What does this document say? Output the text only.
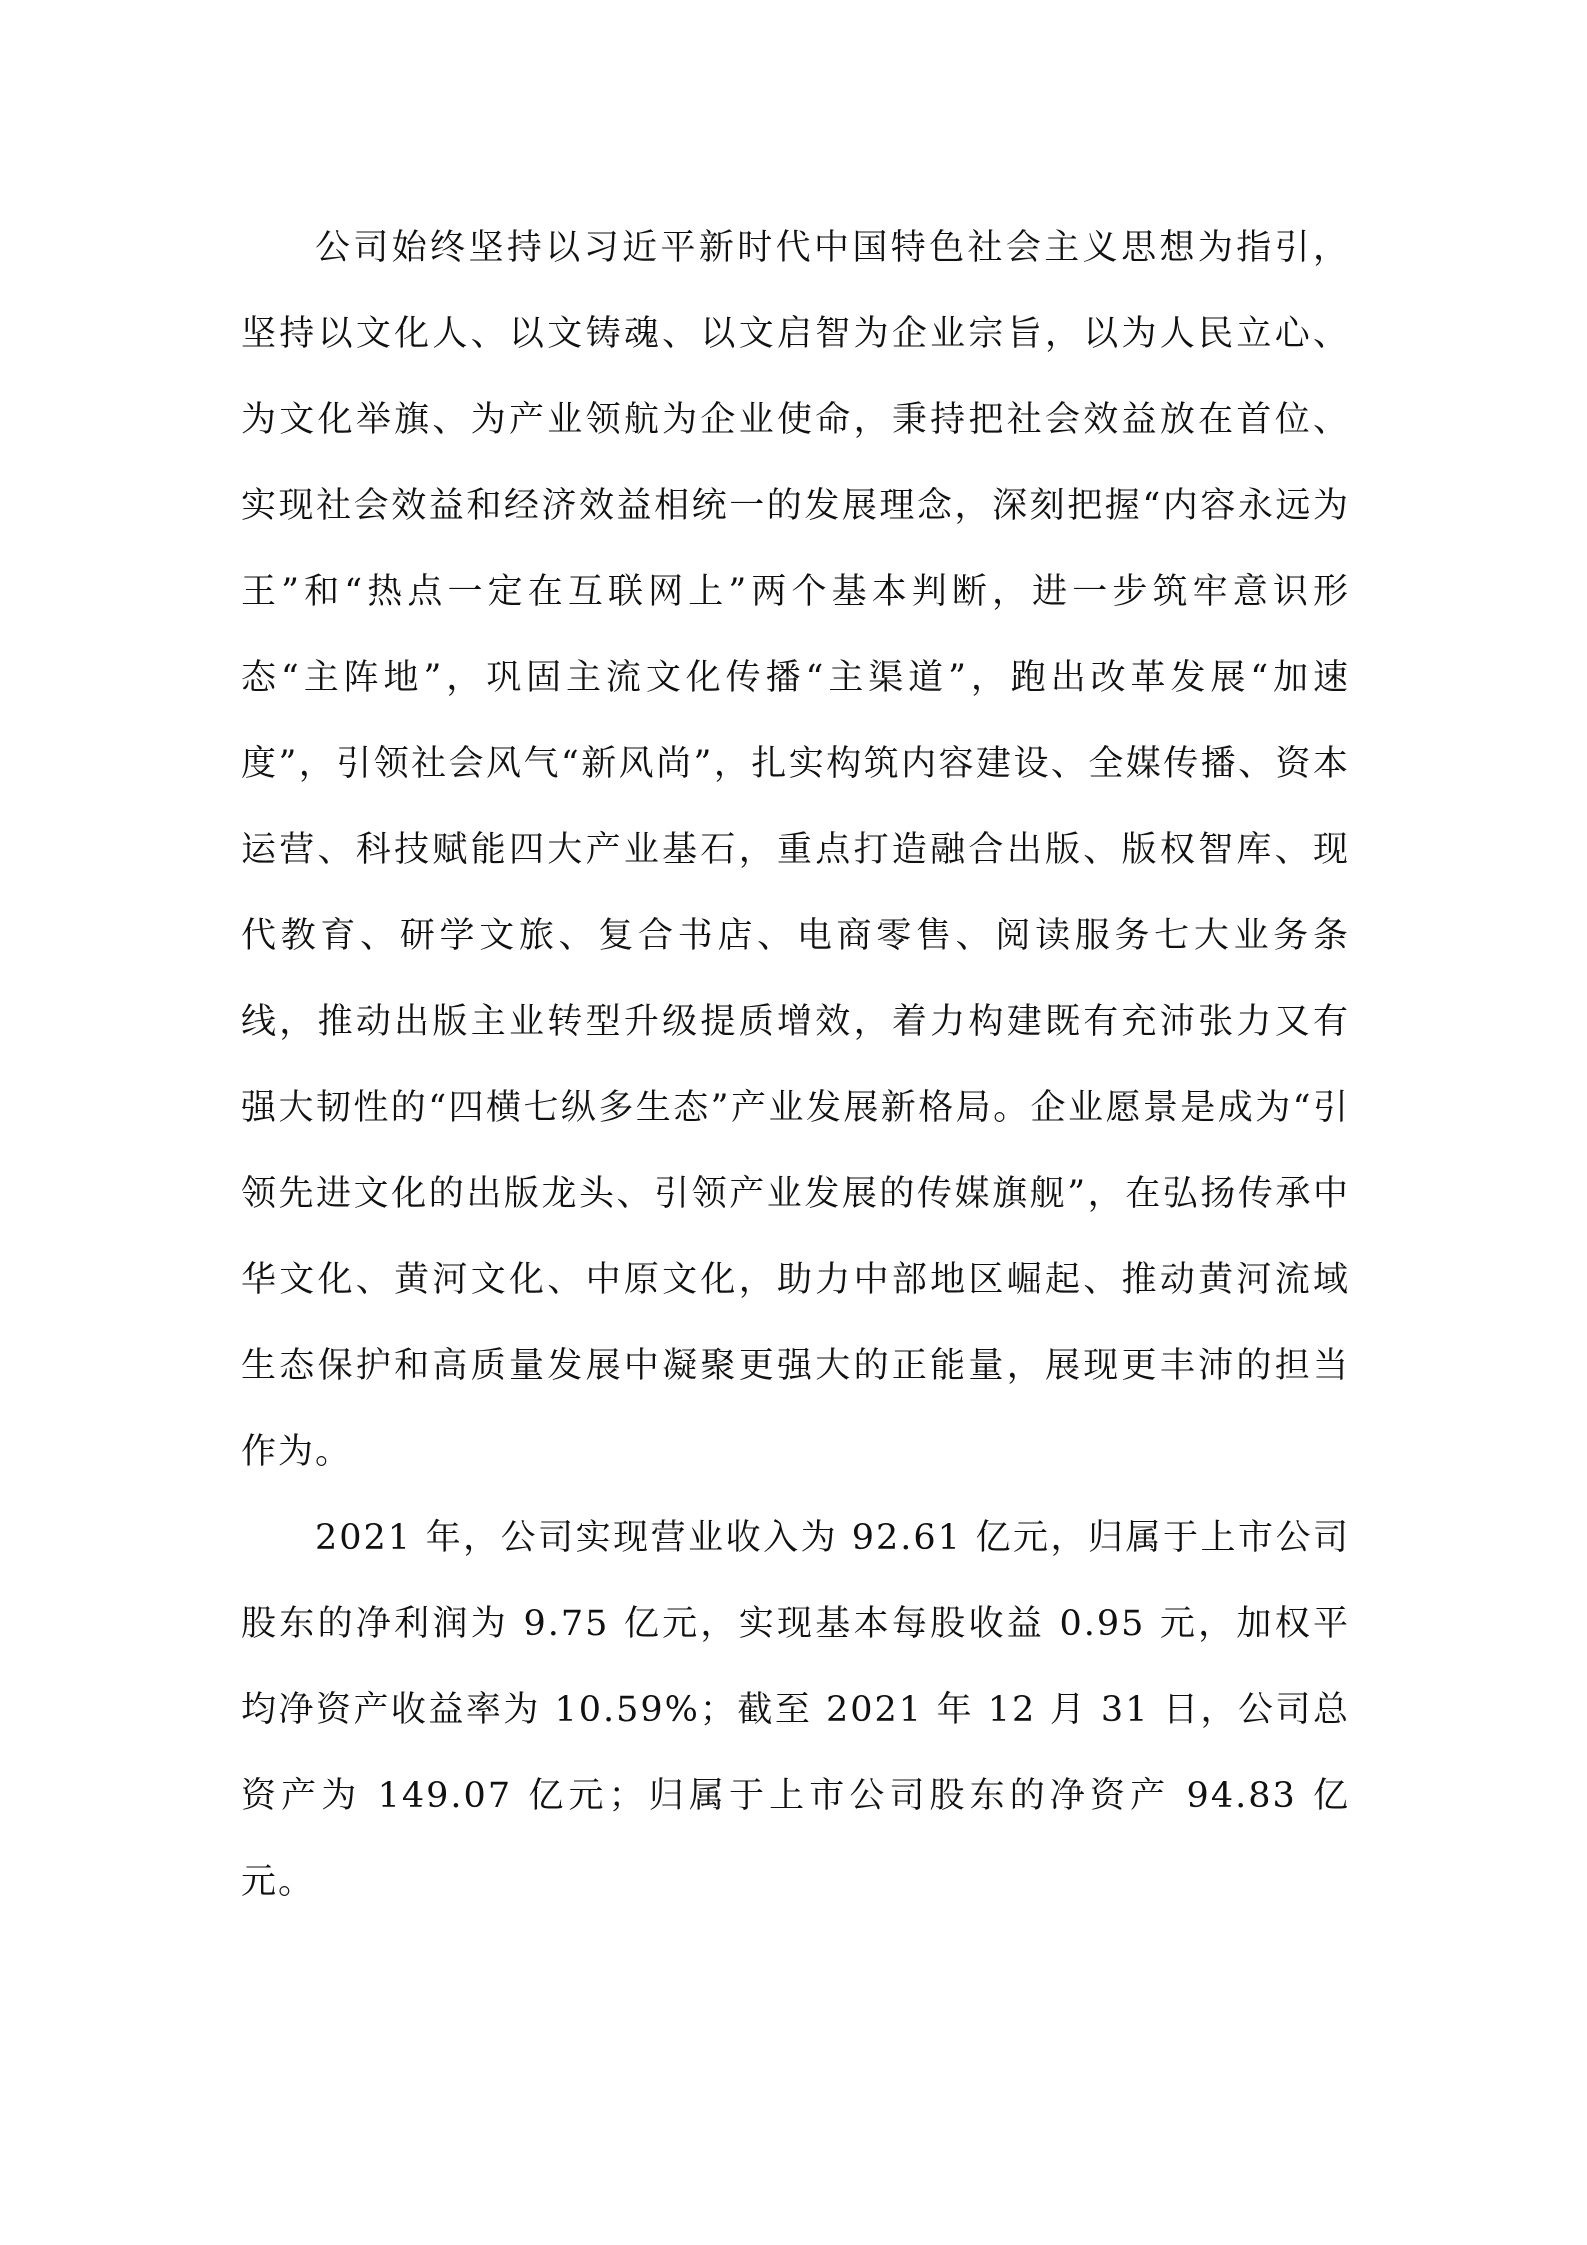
公司始终坚持以习近平新时代中国特色社会主义思想为指引，坚持以文化人、以文铸魂、以文启智为企业宗旨，以为人民立心、为文化举旗、为产业领航为企业使命，秉持把社会效益放在首位、实现社会效益和经济效益相统一的发展理念，深刻把握“内容永远为王”和“热点一定在互联网上”两个基本判断，进一步筑牢意识形态“主阵地”，巩固主流文化传播“主渠道”，跑出改革发展“加速度”，引领社会风气“新风尚”，扎实构筑内容建设、全媒传播、资本运营、科技赋能四大产业基石，重点打造融合出版、版权智库、现代教育、研学文旅、复合书店、电商零售、阅读服务七大业务条线，推动出版主业转型升级提质增效，着力构建既有充沛张力又有强大韧性的“四横七纵多生态”产业发展新格局。企业愿景是成为“引领先进文化的出版龙头、引领产业发展的传媒旗舰”，在弘扬传承中华文化、黄河文化、中原文化，助力中部地区崛起、推动黄河流域生态保护和高质量发展中凝聚更强大的正能量，展现更丰沛的担当作为。

2021 年，公司实现营业收入为 92.61 亿元，归属于上市公司股东的净利润为 9.75 亿元，实现基本每股收益 0.95 元，加权平均净资产收益率为 10.59%；截至 2021 年 12 月 31 日，公司总资产为 149.07 亿元；归属于上市公司股东的净资产 94.83 亿元。
